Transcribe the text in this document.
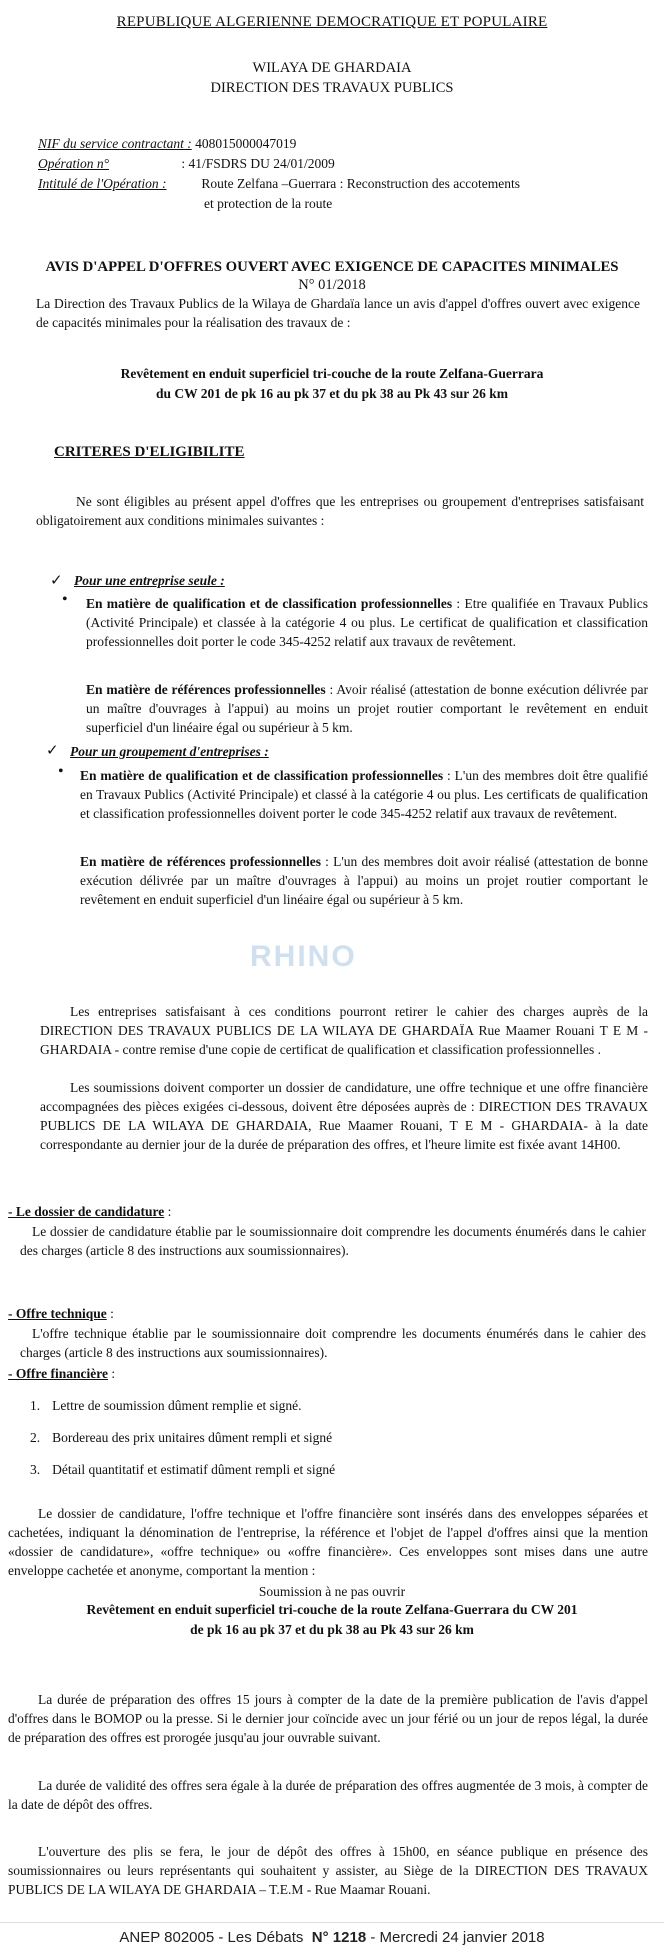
REPUBLIQUE ALGERIENNE DEMOCRATIQUE ET POPULAIRE
WILAYA DE GHARDAIA
DIRECTION DES TRAVAUX PUBLICS
NIF du service contractant : 408015000047019
Opération n°	: 41/FSDRS DU 24/01/2009
Intitulé de l'Opération :	Route Zelfana –Guerrara : Reconstruction des accotements
et protection de la route
AVIS D'APPEL D'OFFRES OUVERT AVEC EXIGENCE DE CAPACITES MINIMALES
N° 01/2018
La Direction des Travaux Publics de la Wilaya de Ghardaïa lance un avis d'appel d'offres ouvert avec exigence de capacités minimales pour la réalisation des travaux de :
Revêtement en enduit superficiel tri-couche de la route Zelfana-Guerrara
du CW 201 de pk 16 au pk 37 et du pk 38 au Pk 43 sur 26 km
CRITERES D'ELIGIBILITE
Ne sont éligibles au présent appel d'offres que les entreprises ou groupement d'entreprises satisfaisant obligatoirement aux conditions minimales suivantes :
✓ Pour une entreprise seule :
• En matière de qualification et de classification professionnelles : Etre qualifiée en Travaux Publics (Activité Principale) et classée à la catégorie 4 ou plus. Le certificat de qualification et classification professionnelles doit porter le code 345-4252 relatif aux travaux de revêtement.
En matière de références professionnelles : Avoir réalisé (attestation de bonne exécution délivrée par un maître d'ouvrages à l'appui) au moins un projet routier comportant le revêtement en enduit superficiel d'un linéaire égal ou supérieur à 5 km.
✓ Pour un groupement d'entreprises :
• En matière de qualification et de classification professionnelles : L'un des membres doit être qualifié en Travaux Publics (Activité Principale) et classé à la catégorie 4 ou plus. Les certificats de qualification et classification professionnelles doivent porter le code 345-4252 relatif aux travaux de revêtement.
En matière de références professionnelles : L'un des membres doit avoir réalisé (attestation de bonne exécution délivrée par un maître d'ouvrages à l'appui) au moins un projet routier comportant le revêtement en enduit superficiel d'un linéaire égal ou supérieur à 5 km.
RHINO
Les entreprises satisfaisant à ces conditions pourront retirer le cahier des charges auprès de la DIRECTION DES TRAVAUX PUBLICS DE LA WILAYA DE GHARDAÏA Rue Maamer Rouani T E M - GHARDAIA - contre remise d'une copie de certificat de qualification et classification professionnelles .
Les soumissions doivent comporter un dossier de candidature, une offre technique et une offre financière accompagnées des pièces exigées ci-dessous, doivent être déposées auprès de : DIRECTION DES TRAVAUX PUBLICS DE LA WILAYA DE GHARDAIA, Rue Maamer Rouani, T E M - GHARDAIA- à la date correspondante au dernier jour de la durée de préparation des offres, et l'heure limite est fixée avant 14H00.
- Le dossier de candidature :
Le dossier de candidature établie par le soumissionnaire doit comprendre les documents énumérés dans le cahier des charges (article 8 des instructions aux soumissionnaires).
- Offre technique :
L'offre technique établie par le soumissionnaire doit comprendre les documents énumérés dans le cahier des charges (article 8 des instructions aux soumissionnaires).
- Offre financière :
1. Lettre de soumission dûment remplie et signé.
2. Bordereau des prix unitaires dûment rempli et signé
3. Détail quantitatif et estimatif dûment rempli et signé
Le dossier de candidature, l'offre technique et l'offre financière sont insérés dans des enveloppes séparées et cachetées, indiquant la dénomination de l'entreprise, la référence et l'objet de l'appel d'offres ainsi que la mention «dossier de candidature», «offre technique» ou «offre financière». Ces enveloppes sont mises dans une autre enveloppe cachetée et anonyme, comportant la mention :
Soumission à ne pas ouvrir
Revêtement en enduit superficiel tri-couche de la route Zelfana-Guerrara du CW 201
de pk 16 au pk 37 et du pk 38 au Pk 43 sur 26 km
La durée de préparation des offres 15 jours à compter de la date de la première publication de l'avis d'appel d'offres dans le BOMOP ou la presse. Si le dernier jour coïncide avec un jour férié ou un jour de repos légal, la durée de préparation des offres est prorogée jusqu'au jour ouvrable suivant.
La durée de validité des offres sera égale à la durée de préparation des offres augmentée de 3 mois, à compter de la date de dépôt des offres.
L'ouverture des plis se fera, le jour de dépôt des offres à 15h00, en séance publique en présence des soumissionnaires ou leurs représentants qui souhaitent y assister, au Siège de la DIRECTION DES TRAVAUX PUBLICS DE LA WILAYA DE GHARDAIA – T.E.M - Rue Maamar Rouani.
ANEP 802005 - Les Débats N° 1218 - Mercredi 24 janvier 2018
